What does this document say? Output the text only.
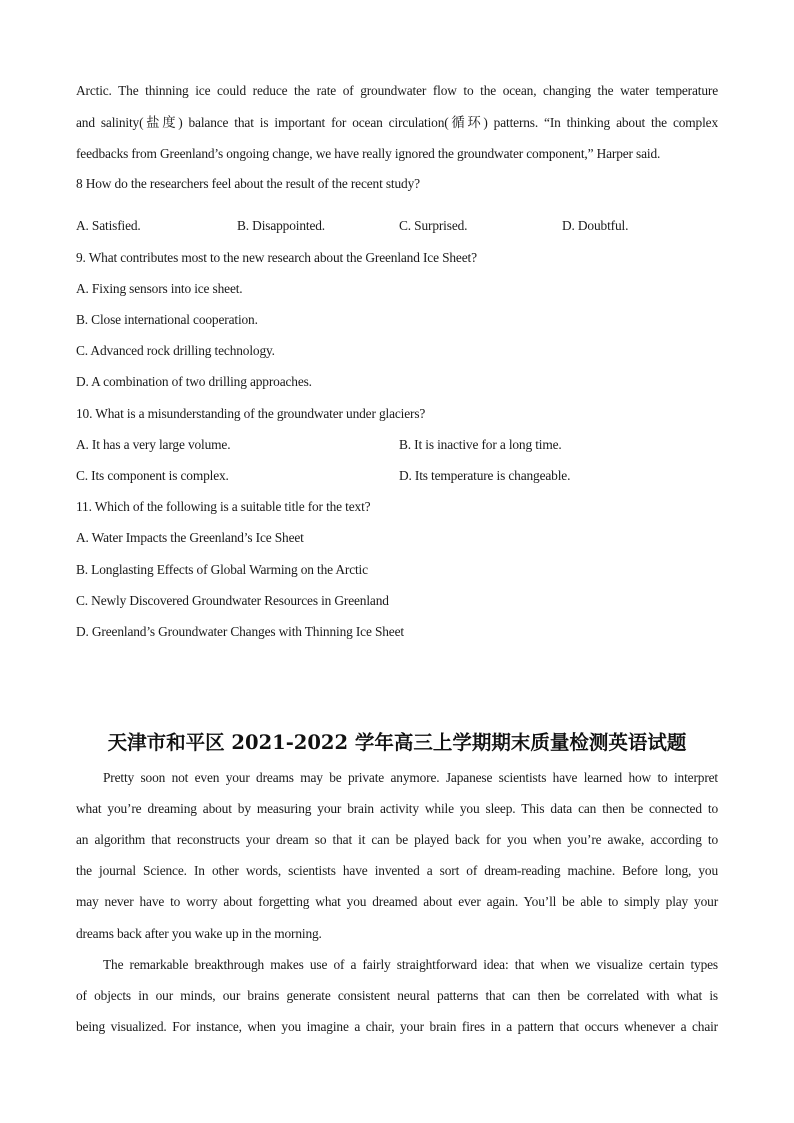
Arctic. The thinning ice could reduce the rate of groundwater flow to the ocean, changing the water temperature
and salinity(盐度) balance that is important for ocean circulation(循环) patterns. “In thinking about the complex
feedbacks from Greenland’s ongoing change, we have really ignored the groundwater component,” Harper said.
8 How do the researchers feel about the result of the recent study?
A. Satisfied.	B. Disappointed.	C. Surprised.	D. Doubtful.
9. What contributes most to the new research about the Greenland Ice Sheet?
A. Fixing sensors into ice sheet.
B. Close international cooperation.
C. Advanced rock drilling technology.
D. A combination of two drilling approaches.
10. What is a misunderstanding of the groundwater under glaciers?
A. It has a very large volume.	B. It is inactive for a long time.
C. Its component is complex.	D. Its temperature is changeable.
11. Which of the following is a suitable title for the text?
A. Water Impacts the Greenland’s Ice Sheet
B. Longlasting Effects of Global Warming on the Arctic
C. Newly Discovered Groundwater Resources in Greenland
D. Greenland’s Groundwater Changes with Thinning Ice Sheet
天津市和平区 2021-2022 学年高三上学期期末质量检测英语试题
Pretty soon not even your dreams may be private anymore. Japanese scientists have learned how to interpret
what you’re dreaming about by measuring your brain activity while you sleep. This data can then be connected to
an algorithm that reconstructs your dream so that it can be played back for you when you’re awake, according to
the journal Science. In other words, scientists have invented a sort of dream-reading machine. Before long, you
may never have to worry about forgetting what you dreamed about ever again. You’ll be able to simply play your
dreams back after you wake up in the morning.
The remarkable breakthrough makes use of a fairly straightforward idea: that when we visualize certain types
of objects in our minds, our brains generate consistent neural patterns that can then be correlated with what is
being visualized. For instance, when you imagine a chair, your brain fires in a pattern that occurs whenever a chair
